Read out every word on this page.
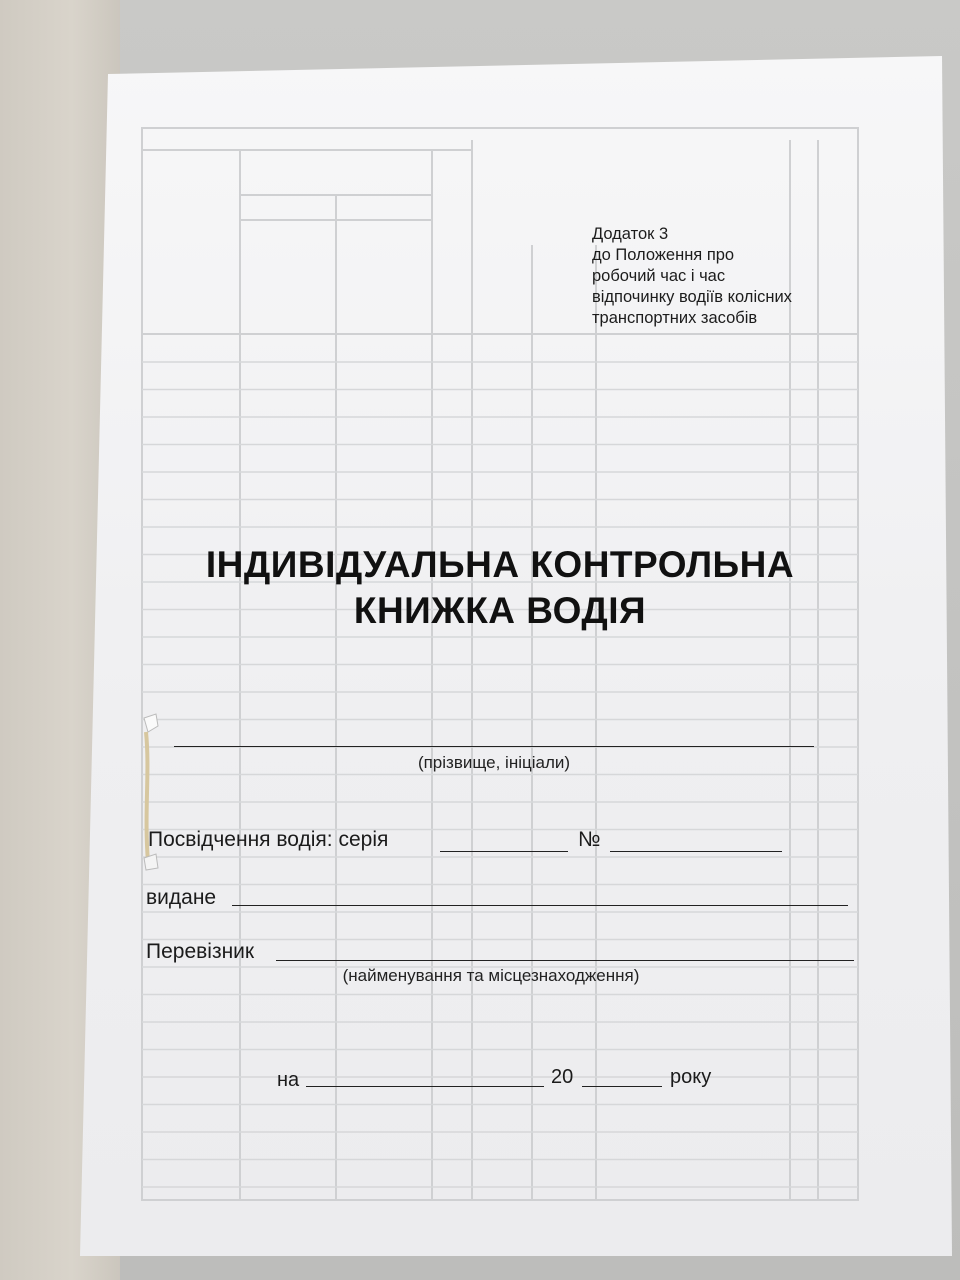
Додаток 3
до Положення про
робочий час і час
відпочинку водіїв колісних
транспортних засобів
ІНДИВІДУАЛЬНА КОНТРОЛЬНА
КНИЖКА ВОДІЯ
(прізвище, ініціали)
Посвідчення водія: серія	№
видане
Перевізник
(найменування та місцезнаходження)
на	20	року
